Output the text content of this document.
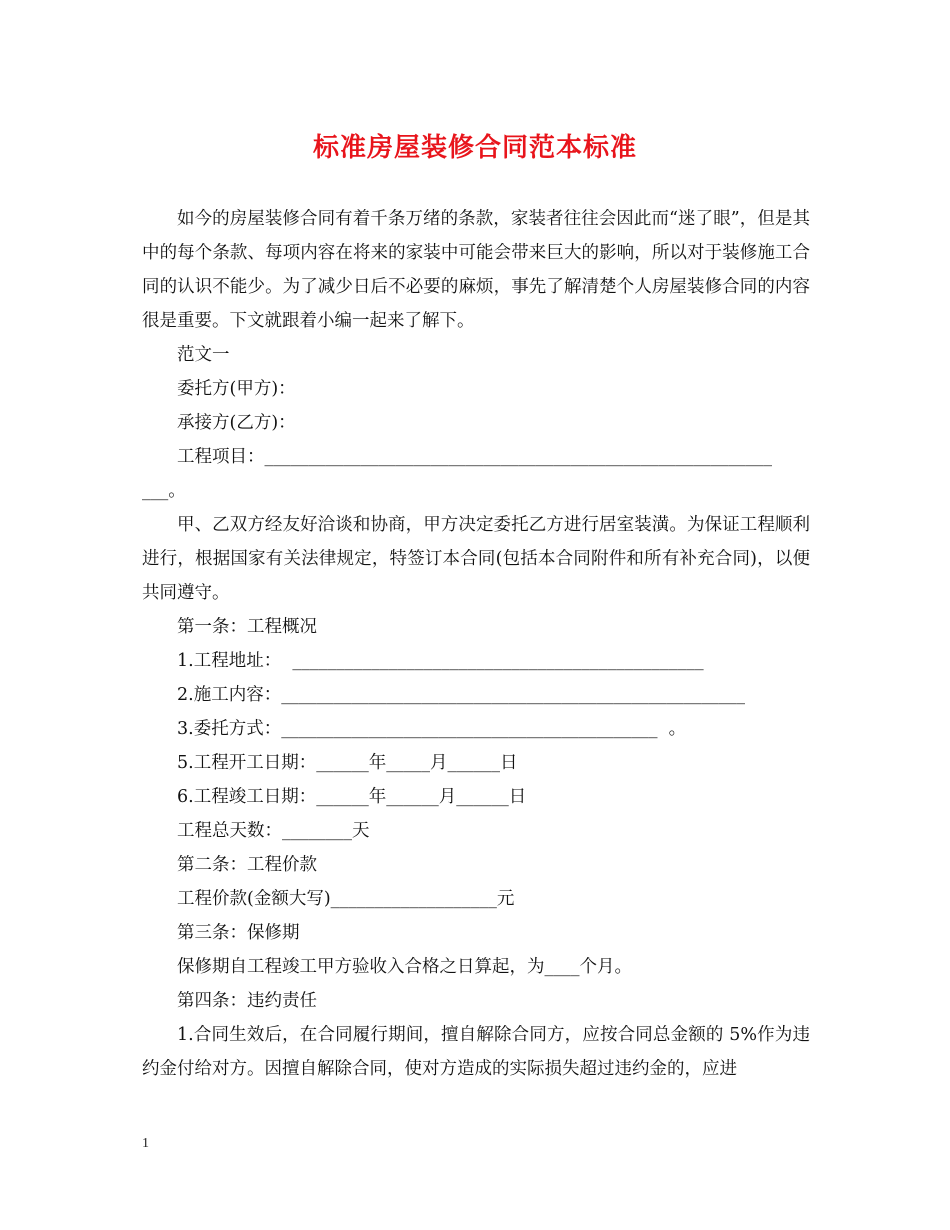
标准房屋装修合同范本标准

如今的房屋装修合同有着千条万绪的条款，家装者往往会因此而“迷了眼”，但是其中的每个条款、每项内容在将来的家装中可能会带来巨大的影响，所以对于装修施工合同的认识不能少。为了减少日后不必要的麻烦，事先了解清楚个人房屋装修合同的内容很是重要。下文就跟着小编一起来了解下。

范文一

委托方(甲方)：

承接方(乙方)：

工程项目：__________________________________________________________

___。

甲、乙双方经友好洽谈和协商，甲方决定委托乙方进行居室装潢。为保证工程顺利进行，根据国家有关法律规定，特签订本合同(包括本合同附件和所有补充合同)，以便共同遵守。

第一条：工程概况

1.工程地址：  _______________________________________________

2.施工内容：_____________________________________________________

3.委托方式：___________________________________________  。

5.工程开工日期：______年_____月______日

6.工程竣工日期：______年______月______日

工程总天数：________天

第二条：工程价款

工程价款(金额大写)___________________元

第三条：保修期

保修期自工程竣工甲方验收入合格之日算起，为____个月。

第四条：违约责任

1.合同生效后，在合同履行期间，擅自解除合同方，应按合同总金额的 5%作为违约金付给对方。因擅自解除合同，使对方造成的实际损失超过违约金的，应进

1
